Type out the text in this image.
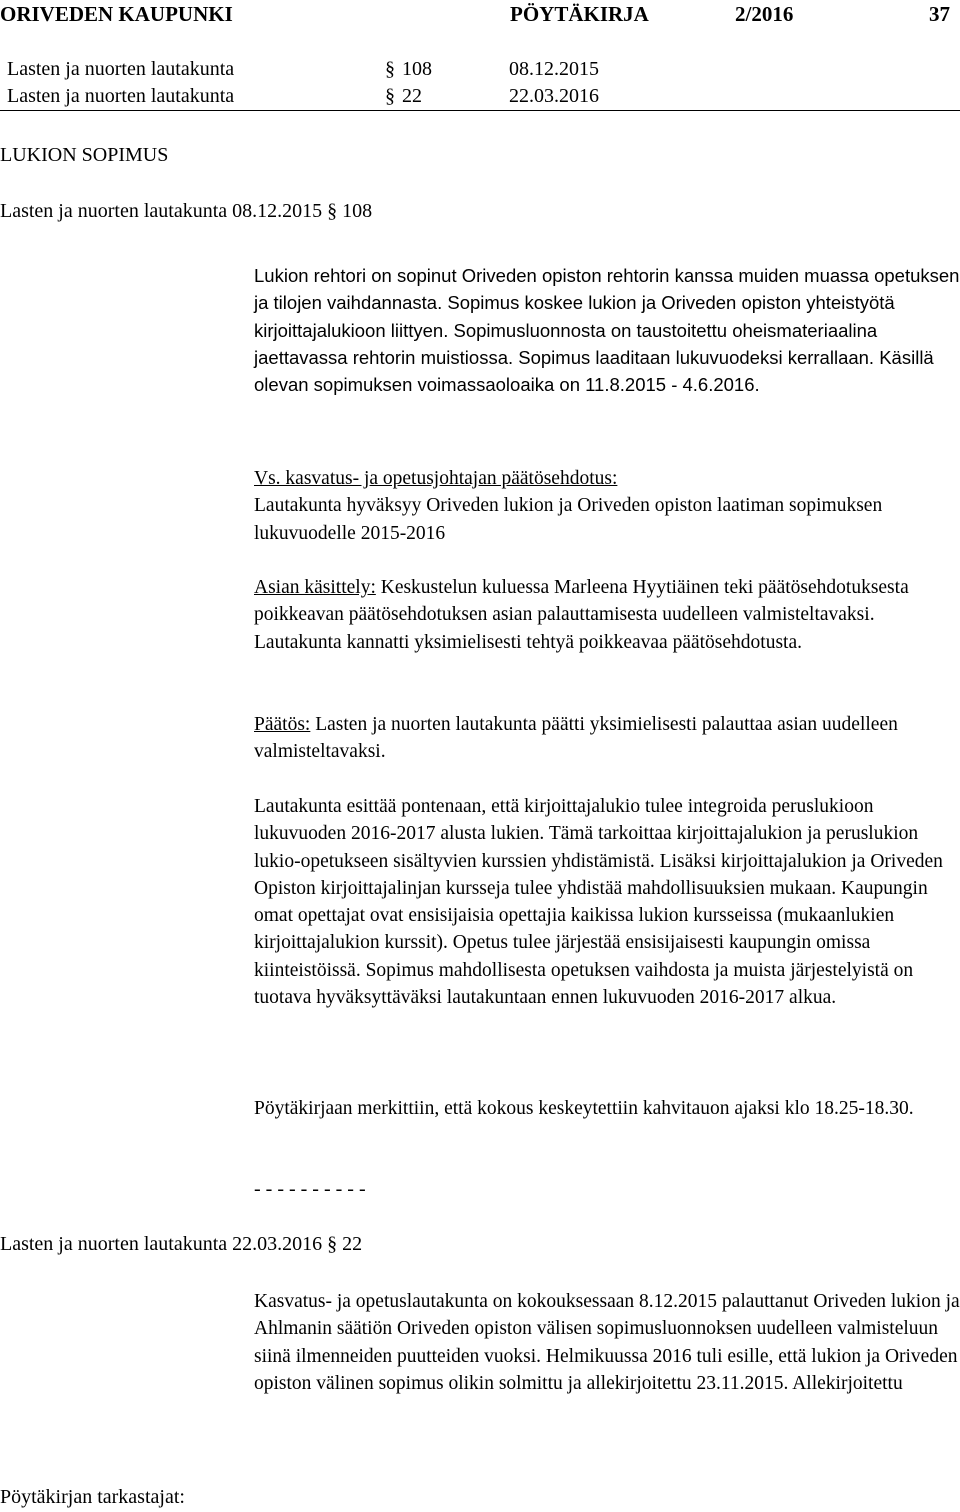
ORIVEDEN KAUPUNKI	PÖYTÄKIRJA	2/2016	37
Lasten ja nuorten lautakunta	§ 108	08.12.2015
Lasten ja nuorten lautakunta	§ 22	22.03.2016
LUKION SOPIMUS
Lasten ja nuorten lautakunta 08.12.2015 § 108
Lukion rehtori on sopinut Oriveden opiston rehtorin kanssa muiden muassa opetuksen ja tilojen vaihdannasta. Sopimus koskee lukion ja Oriveden opiston yhteistyötä kirjoittajalukioon liittyen. Sopimusluonnosta on taustoitettu oheismateriaalina jaettavassa rehtorin muistiossa. Sopimus laaditaan lukuvuodeksi kerrallaan. Käsillä olevan sopimuksen voimassaoloaika on 11.8.2015 - 4.6.2016.
Vs. kasvatus- ja opetusjohtajan päätösehdotus:
Lautakunta hyväksyy Oriveden lukion ja Oriveden opiston laatiman sopimuksen lukuvuodelle 2015-2016
Asian käsittely: Keskustelun kuluessa Marleena Hyytiäinen teki päätösehdotuksesta poikkeavan päätösehdotuksen asian palauttamisesta uudelleen valmisteltavaksi. Lautakunta kannatti yksimielisesti tehtyä poikkeavaa päätösehdotusta.
Päätös: Lasten ja nuorten lautakunta päätti yksimielisesti palauttaa asian uudelleen valmisteltavaksi.
Lautakunta esittää pontenaan, että kirjoittajalukio tulee integroida peruslukioon lukuvuoden 2016-2017 alusta lukien. Tämä tarkoittaa kirjoittajalukion ja peruslukion lukio-opetukseen sisältyvien kurssien yhdistämistä. Lisäksi kirjoittajalukion ja Oriveden Opiston kirjoittajalinjan kursseja tulee yhdistää mahdollisuuksien mukaan. Kaupungin omat opettajat ovat ensisijaisia opettajia kaikissa lukion kursseissa (mukaanlukien kirjoittajalukion kurssit). Opetus tulee järjestää ensisijaisesti kaupungin omissa kiinteistöissä. Sopimus mahdollisesta opetuksen vaihdosta ja muista järjestelyistä on tuotava hyväksyttäväksi lautakuntaan ennen lukuvuoden 2016-2017 alkua.
Pöytäkirjaan merkittiin, että kokous keskeytettiin kahvitauon ajaksi klo 18.25-18.30.
- - - - - - - - - -
Lasten ja nuorten lautakunta 22.03.2016 § 22
Kasvatus- ja opetuslautakunta on kokouksessaan 8.12.2015 palauttanut Oriveden lukion ja Ahlmanin säätiön Oriveden opiston välisen sopimusluonnoksen uudelleen valmisteluun siinä ilmenneiden puutteiden vuoksi. Helmikuussa 2016 tuli esille, että lukion ja Oriveden opiston välinen sopimus olikin solmittu ja allekirjoitettu 23.11.2015. Allekirjoitettu
Pöytäkirjan tarkastajat:
